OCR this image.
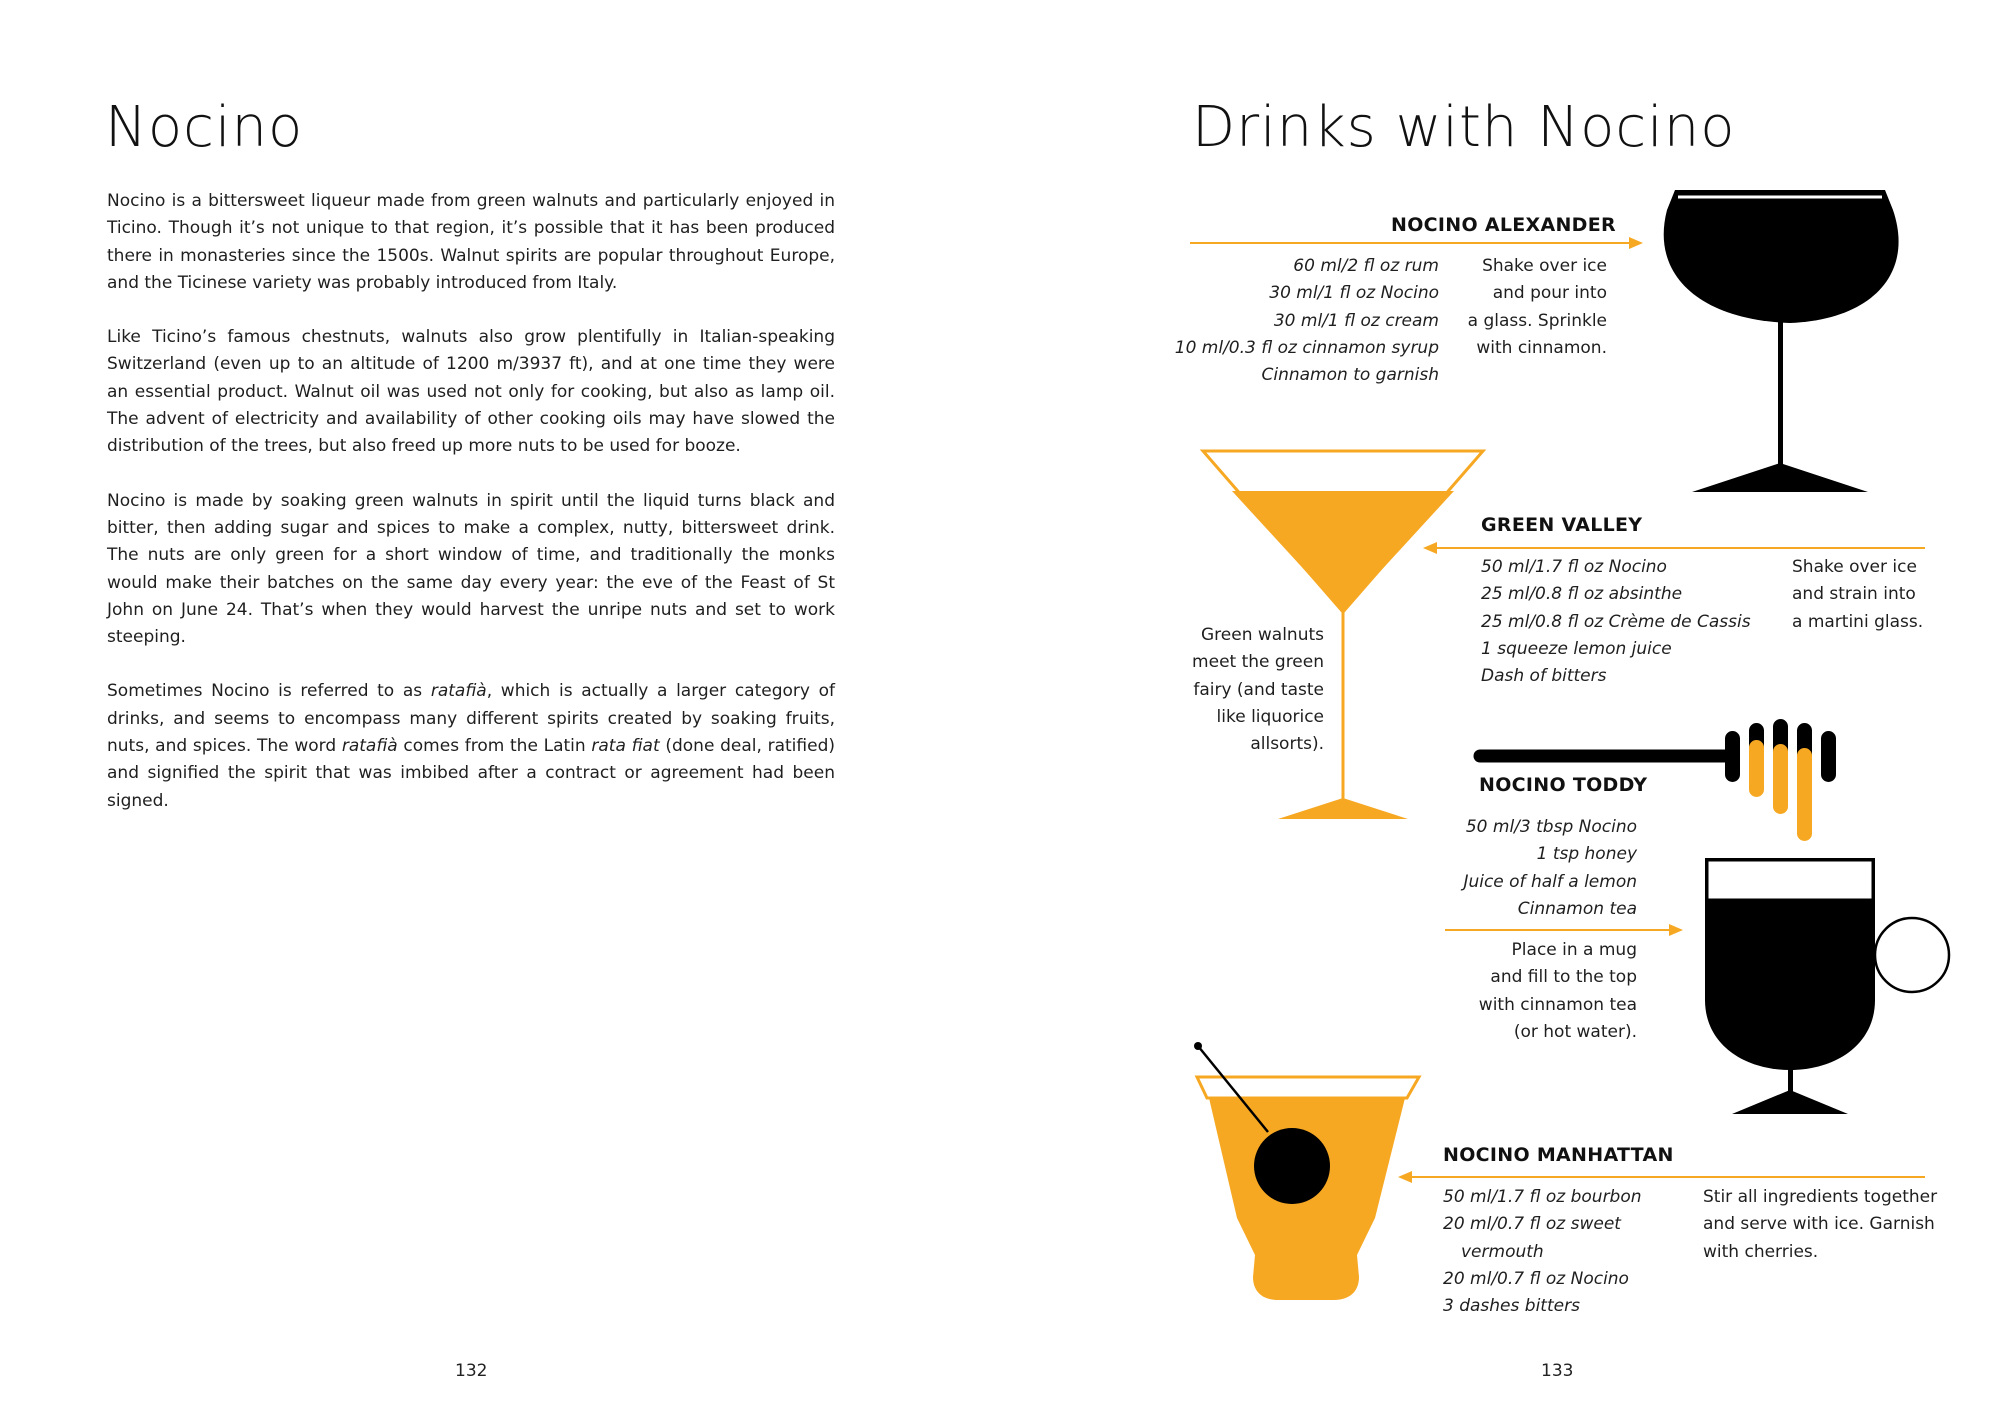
Nocino

Nocino is a bittersweet liqueur made from green walnuts and particularly enjoyed in Ticino. Though it’s not unique to that region, it’s possible that it has been produced there in monasteries since the 1500s. Walnut spirits are popular throughout Europe, and the Ticinese variety was probably introduced from Italy.

Like Ticino’s famous chestnuts, walnuts also grow plentifully in Italian-speaking Switzerland (even up to an altitude of 1200 m/3937 ft), and at one time they were an essential product. Walnut oil was used not only for cooking, but also as lamp oil. The advent of electricity and availability of other cooking oils may have slowed the distribution of the trees, but also freed up more nuts to be used for booze.

Nocino is made by soaking green walnuts in spirit until the liquid turns black and bitter, then adding sugar and spices to make a complex, nutty, bittersweet drink. The nuts are only green for a short window of time, and traditionally the monks would make their batches on the same day every year: the eve of the Feast of St John on June 24. That’s when they would harvest the unripe nuts and set to work steeping.

Sometimes Nocino is referred to as ratafià, which is actually a larger category of drinks, and seems to encompass many different spirits created by soaking fruits, nuts, and spices. The word ratafià comes from the Latin rata fiat (done deal, ratified) and signified the spirit that was imbibed after a contract or agreement had been signed.

132
Drinks with Nocino
NOCINO ALEXANDER
60 ml/2 fl oz rum
30 ml/1 fl oz Nocino
30 ml/1 fl oz cream
10 ml/0.3 fl oz cinnamon syrup
Cinnamon to garnish
Shake over ice
and pour into
a glass. Sprinkle
with cinnamon.
GREEN VALLEY
50 ml/1.7 fl oz Nocino
25 ml/0.8 fl oz absinthe
25 ml/0.8 fl oz Crème de Cassis
1 squeeze lemon juice
Dash of bitters
Shake over ice
and strain into
a martini glass.
Green walnuts
meet the green
fairy (and taste
like liquorice
allsorts).
NOCINO TODDY
50 ml/3 tbsp Nocino
1 tsp honey
Juice of half a lemon
Cinnamon tea
Place in a mug
and fill to the top
with cinnamon tea
(or hot water).
NOCINO MANHATTAN
50 ml/1.7 fl oz bourbon
20 ml/0.7 fl oz sweet
vermouth
20 ml/0.7 fl oz Nocino
3 dashes bitters
Stir all ingredients together
and serve with ice. Garnish
with cherries.
133
